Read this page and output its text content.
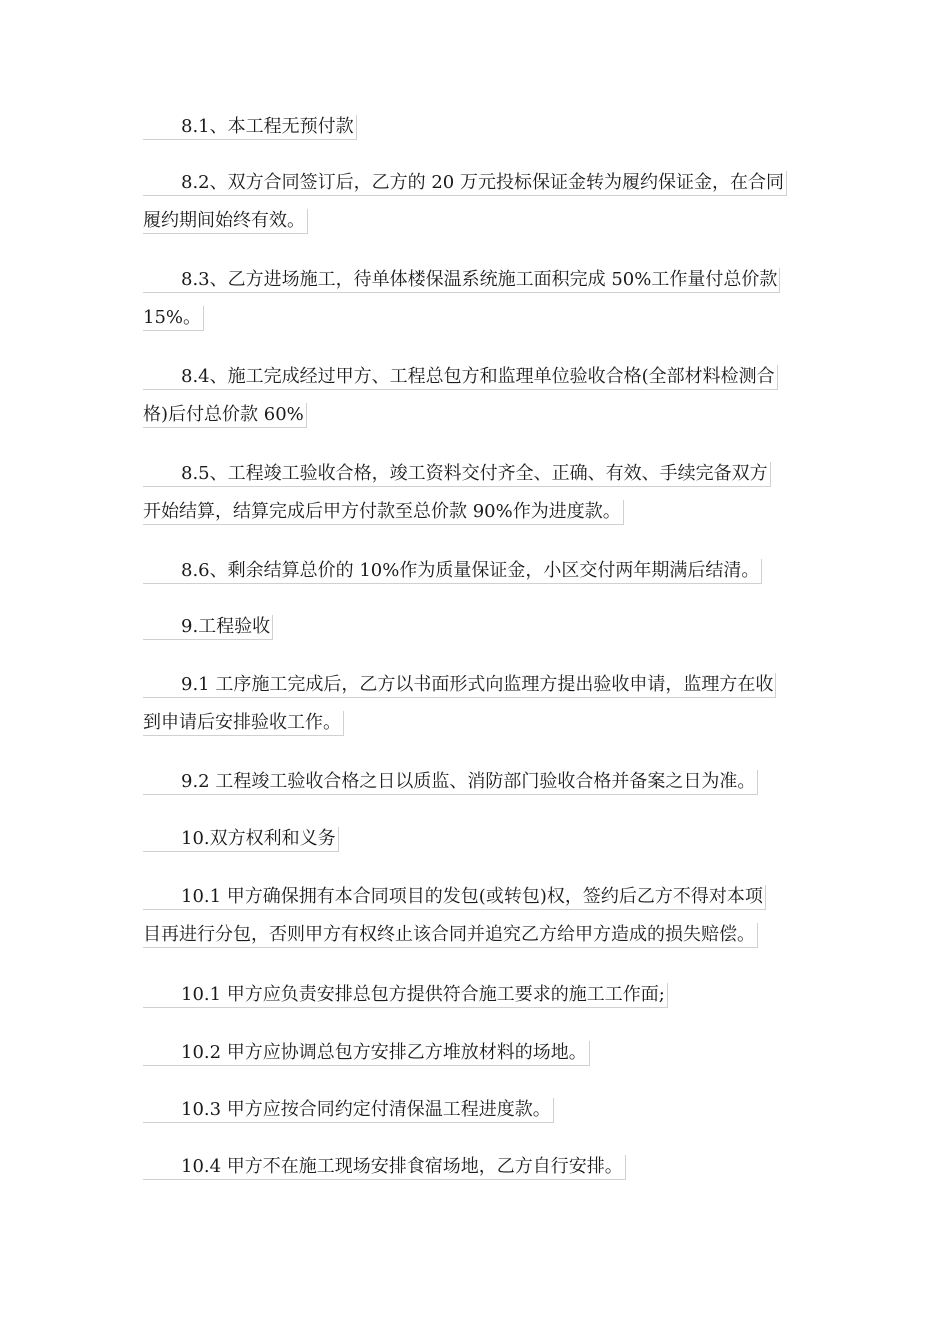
8.1、本工程无预付款
8.2、双方合同签订后，乙方的 20 万元投标保证金转为履约保证金，在合同
履约期间始终有效。
8.3、乙方进场施工，待单体楼保温系统施工面积完成 50%工作量付总价款
15%。
8.4、施工完成经过甲方、工程总包方和监理单位验收合格(全部材料检测合
格)后付总价款 60%
8.5、工程竣工验收合格，竣工资料交付齐全、正确、有效、手续完备双方
开始结算，结算完成后甲方付款至总价款 90%作为进度款。
8.6、剩余结算总价的 10%作为质量保证金，小区交付两年期满后结清。
9.工程验收
9.1 工序施工完成后，乙方以书面形式向监理方提出验收申请，监理方在收
到申请后安排验收工作。
9.2 工程竣工验收合格之日以质监、消防部门验收合格并备案之日为准。
10.双方权利和义务
10.1 甲方确保拥有本合同项目的发包(或转包)权，签约后乙方不得对本项
目再进行分包，否则甲方有权终止该合同并追究乙方给甲方造成的损失赔偿。
10.1 甲方应负责安排总包方提供符合施工要求的施工工作面;
10.2 甲方应协调总包方安排乙方堆放材料的场地。
10.3 甲方应按合同约定付清保温工程进度款。
10.4 甲方不在施工现场安排食宿场地，乙方自行安排。
